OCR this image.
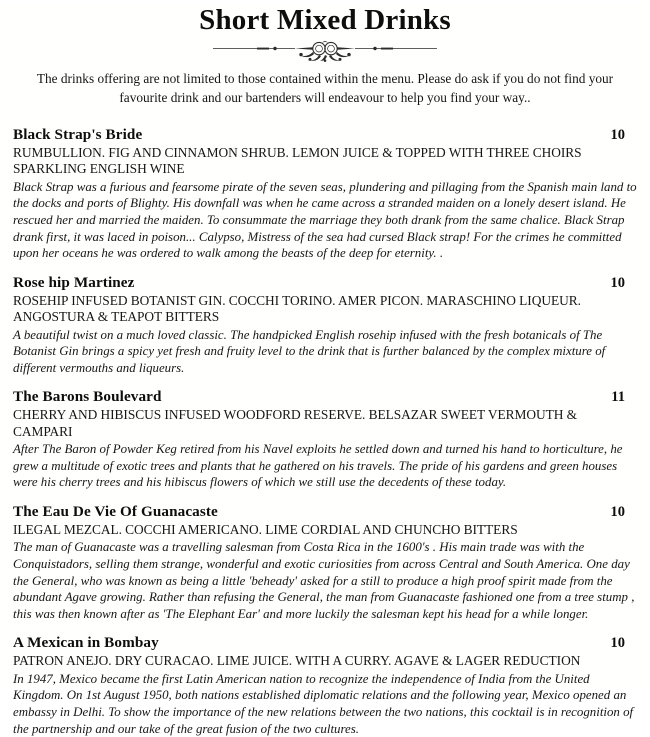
Short Mixed Drinks
The drinks offering are not limited to those contained within the menu. Please do ask if you do not find your favourite drink and our bartenders will endeavour to help you find your way..
Black Strap's Bride	10
RUMBULLION. FIG AND CINNAMON SHRUB. LEMON JUICE & TOPPED WITH THREE CHOIRS SPARKLING ENGLISH WINE
Black Strap was a furious and fearsome pirate of the seven seas, plundering and pillaging from the Spanish main land to the docks and ports of Blighty. His downfall was when he came across a stranded maiden on a lonely desert island. He rescued her and married the maiden. To consummate the marriage they both drank from the same chalice. Black Strap drank first, it was laced in poison... Calypso, Mistress of the sea had cursed Black strap! For the crimes he committed upon her oceans he was ordered to walk among the beasts of the deep for eternity. .
Rose hip Martinez	10
ROSEHIP INFUSED BOTANIST GIN. COCCHI TORINO. AMER PICON. MARASCHINO LIQUEUR. ANGOSTURA & TEAPOT BITTERS
A beautiful twist on a much loved classic. The handpicked English rosehip infused with the fresh botanicals of The Botanist Gin brings a spicy yet fresh and fruity level to the drink that is further balanced by the complex mixture of different vermouths and liqueurs.
The Barons Boulevard	11
CHERRY AND HIBISCUS INFUSED WOODFORD RESERVE. BELSAZAR SWEET VERMOUTH & CAMPARI
After The Baron of Powder Keg retired from his Navel exploits he settled down and turned his hand to horticulture, he grew a multitude of exotic trees and plants that he gathered on his travels. The pride of his gardens and green houses were his cherry trees and his hibiscus flowers of which we still use the decedents of these today.
The Eau De Vie Of Guanacaste	10
ILEGAL MEZCAL. COCCHI AMERICANO. LIME CORDIAL AND CHUNCHO BITTERS
The man of Guanacaste was a travelling salesman from Costa Rica in the 1600's . His main trade was with the Conquistadors, selling them strange, wonderful and exotic curiosities from across Central and South America. One day the General, who was known as being a little 'beheady' asked for a still to produce a high proof spirit made from the abundant Agave growing. Rather than refusing the General, the man from Guanacaste fashioned one from a tree stump , this was then known after as 'The Elephant Ear' and more luckily the salesman kept his head for a while longer.
A Mexican in Bombay	10
PATRON ANEJO. DRY CURACAO. LIME JUICE. WITH A CURRY. AGAVE & LAGER REDUCTION
In 1947, Mexico became the first Latin American nation to recognize the independence of India from the United Kingdom. On 1st August 1950, both nations established diplomatic relations and the following year, Mexico opened an embassy in Delhi. To show the importance of the new relations between the two nations, this cocktail is in recognition of the partnership and our take of the great fusion of the two cultures.
